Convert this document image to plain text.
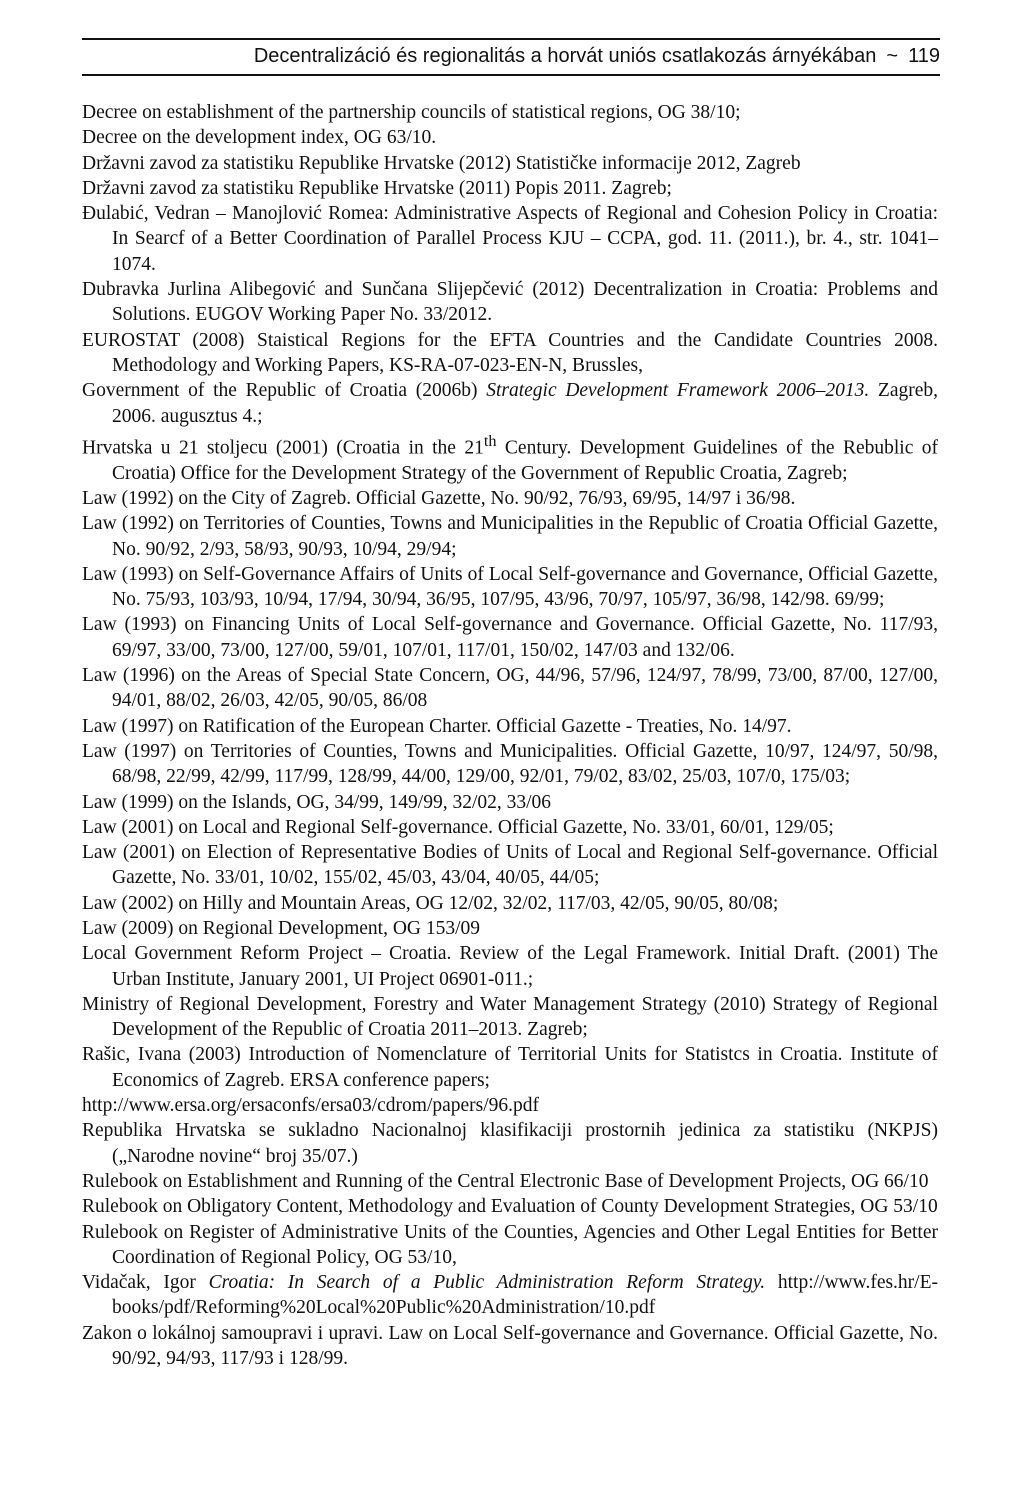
Decentralizáció és regionalitás a horvát uniós csatlakozás árnyékában ~ 119

Decree on establishment of the partnership councils of statistical regions, OG 38/10;

Decree on the development index, OG 63/10.

Državni zavod za statistiku Republike Hrvatske (2012) Statističke informacije 2012, Zagreb

Državni zavod za statistiku Republike Hrvatske (2011) Popis 2011. Zagreb;

Đulabić, Vedran – Manojlović Romea: Administrative Aspects of Regional and Cohesion Policy in Croatia: In Searcf of a Better Coordination of Parallel Process KJU – CCPA, god. 11. (2011.), br. 4., str. 1041–1074.

Dubravka Jurlina Alibegović and Sunčana Slijepčević (2012) Decentralization in Croatia: Problems and Solutions. EUGOV Working Paper No. 33/2012.

EUROSTAT (2008) Staistical Regions for the EFTA Countries and the Candidate Countries 2008. Methodology and Working Papers, KS-RA-07-023-EN-N, Brussles,

Government of the Republic of Croatia (2006b) Strategic Development Framework 2006–2013. Zagreb, 2006. augusztus 4.;

Hrvatska u 21 stoljecu (2001) (Croatia in the 21th Century. Development Guidelines of the Rebublic of Croatia) Office for the Development Strategy of the Government of Republic Croatia, Zagreb;

Law (1992) on the City of Zagreb. Official Gazette, No. 90/92, 76/93, 69/95, 14/97 i 36/98.

Law (1992) on Territories of Counties, Towns and Municipalities in the Republic of Croatia Official Gazette, No. 90/92, 2/93, 58/93, 90/93, 10/94, 29/94;

Law (1993) on Self-Governance Affairs of Units of Local Self-governance and Governance, Official Gazette, No. 75/93, 103/93, 10/94, 17/94, 30/94, 36/95, 107/95, 43/96, 70/97, 105/97, 36/98, 142/98. 69/99;

Law (1993) on Financing Units of Local Self-governance and Governance. Official Gazette, No. 117/93, 69/97, 33/00, 73/00, 127/00, 59/01, 107/01, 117/01, 150/02, 147/03 and 132/06.

Law (1996) on the Areas of Special State Concern, OG, 44/96, 57/96, 124/97, 78/99, 73/00, 87/00, 127/00, 94/01, 88/02, 26/03, 42/05, 90/05, 86/08

Law (1997) on Ratification of the European Charter. Official Gazette - Treaties, No. 14/97.

Law (1997) on Territories of Counties, Towns and Municipalities. Official Gazette, 10/97, 124/97, 50/98, 68/98, 22/99, 42/99, 117/99, 128/99, 44/00, 129/00, 92/01, 79/02, 83/02, 25/03, 107/0, 175/03;

Law (1999) on the Islands, OG, 34/99, 149/99, 32/02, 33/06

Law (2001) on Local and Regional Self-governance. Official Gazette, No. 33/01, 60/01, 129/05;

Law (2001) on Election of Representative Bodies of Units of Local and Regional Self-governance. Official Gazette, No. 33/01, 10/02, 155/02, 45/03, 43/04, 40/05, 44/05;

Law (2002) on Hilly and Mountain Areas, OG 12/02, 32/02, 117/03, 42/05, 90/05, 80/08;

Law (2009) on Regional Development, OG 153/09

Local Government Reform Project – Croatia. Review of the Legal Framework. Initial Draft. (2001) The Urban Institute, January 2001, UI Project 06901-011.;

Ministry of Regional Development, Forestry and Water Management Strategy (2010) Strategy of Regional Development of the Republic of Croatia 2011–2013. Zagreb;

Rašic, Ivana (2003) Introduction of Nomenclature of Territorial Units for Statistcs in Croatia. Institute of Economics of Zagreb. ERSA conference papers;

http://www.ersa.org/ersaconfs/ersa03/cdrom/papers/96.pdf

Republika Hrvatska se sukladno Nacionalnoj klasifikaciji prostornih jedinica za statistiku (NKPJS) („Narodne novine“ broj 35/07.)

Rulebook on Establishment and Running of the Central Electronic Base of Development Projects, OG 66/10

Rulebook on Obligatory Content, Methodology and Evaluation of County Development Strategies, OG 53/10

Rulebook on Register of Administrative Units of the Counties, Agencies and Other Legal Entities for Better Coordination of Regional Policy, OG 53/10,

Vidačak, Igor Croatia: In Search of a Public Administration Reform Strategy. http://www.fes.hr/E-books/pdf/Reforming%20Local%20Public%20Administration/10.pdf

Zakon o lokálnoj samoupravi i upravi. Law on Local Self-governance and Governance. Official Gazette, No. 90/92, 94/93, 117/93 i 128/99.
